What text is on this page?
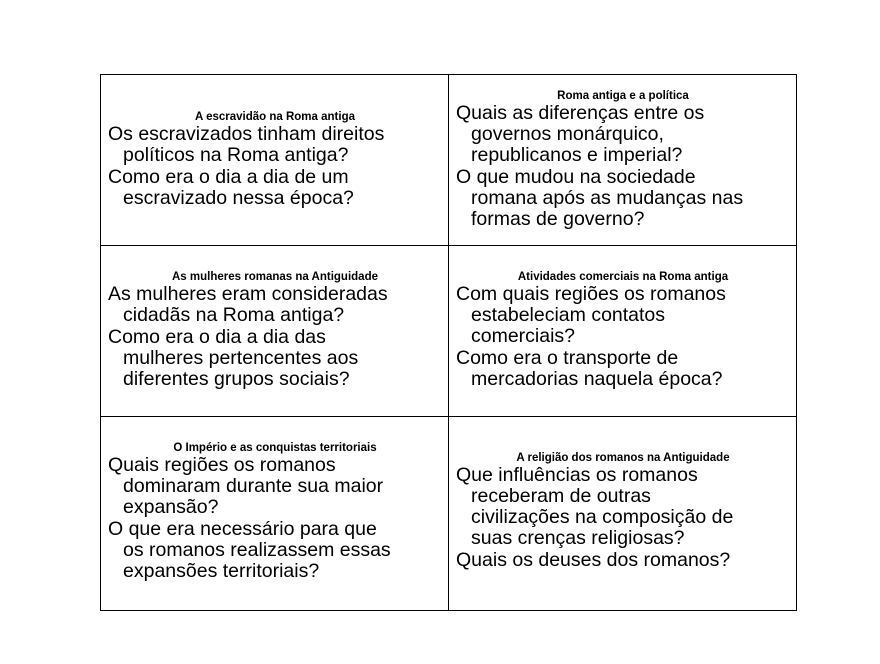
A escravidão na Roma antiga

Os escravizados tinham direitos
políticos na Roma antiga?

Como era o dia a dia de um
escravizado nessa época?

Roma antiga e a política

Quais as diferenças entre os
governos monárquico,
republicanos e imperial?

O que mudou na sociedade
romana após as mudanças nas
formas de governo?

As mulheres romanas na Antiguidade

As mulheres eram consideradas
cidadãs na Roma antiga?

Como era o dia a dia das
mulheres pertencentes aos
diferentes grupos sociais?

Atividades comerciais na Roma antiga

Com quais regiões os romanos
estabeleciam contatos
comerciais?

Como era o transporte de
mercadorias naquela época?

O Império e as conquistas territoriais

Quais regiões os romanos
dominaram durante sua maior
expansão?

O que era necessário para que
os romanos realizassem essas
expansões territoriais?

A religião dos romanos na Antiguidade

Que influências os romanos
receberam de outras
civilizações na composição de
suas crenças religiosas?

Quais os deuses dos romanos?
